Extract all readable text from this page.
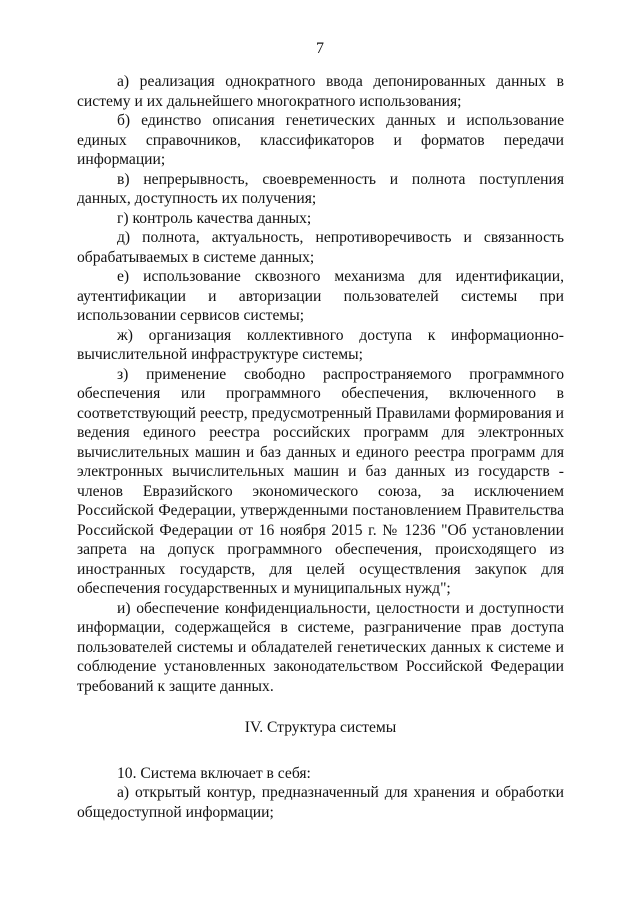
7

а) реализация однократного ввода депонированных данных в систему и их дальнейшего многократного использования;

б) единство описания генетических данных и использование единых справочников, классификаторов и форматов передачи информации;

в) непрерывность, своевременность и полнота поступления данных, доступность их получения;

г) контроль качества данных;

д) полнота, актуальность, непротиворечивость и связанность обрабатываемых в системе данных;

е) использование сквозного механизма для идентификации, аутентификации и авторизации пользователей системы при использовании сервисов системы;

ж) организация коллективного доступа к информационно-вычислительной инфраструктуре системы;

з) применение свободно распространяемого программного обеспечения или программного обеспечения, включенного в соответствующий реестр, предусмотренный Правилами формирования и ведения единого реестра российских программ для электронных вычислительных машин и баз данных и единого реестра программ для электронных вычислительных машин и баз данных из государств - членов Евразийского экономического союза, за исключением Российской Федерации, утвержденными постановлением Правительства Российской Федерации от 16 ноября 2015 г. № 1236 "Об установлении запрета на допуск программного обеспечения, происходящего из иностранных государств, для целей осуществления закупок для обеспечения государственных и муниципальных нужд";

и) обеспечение конфиденциальности, целостности и доступности информации, содержащейся в системе, разграничение прав доступа пользователей системы и обладателей генетических данных к системе и соблюдение установленных законодательством Российской Федерации требований к защите данных.

IV. Структура системы

10. Система включает в себя:

а) открытый контур, предназначенный для хранения и обработки общедоступной информации;
